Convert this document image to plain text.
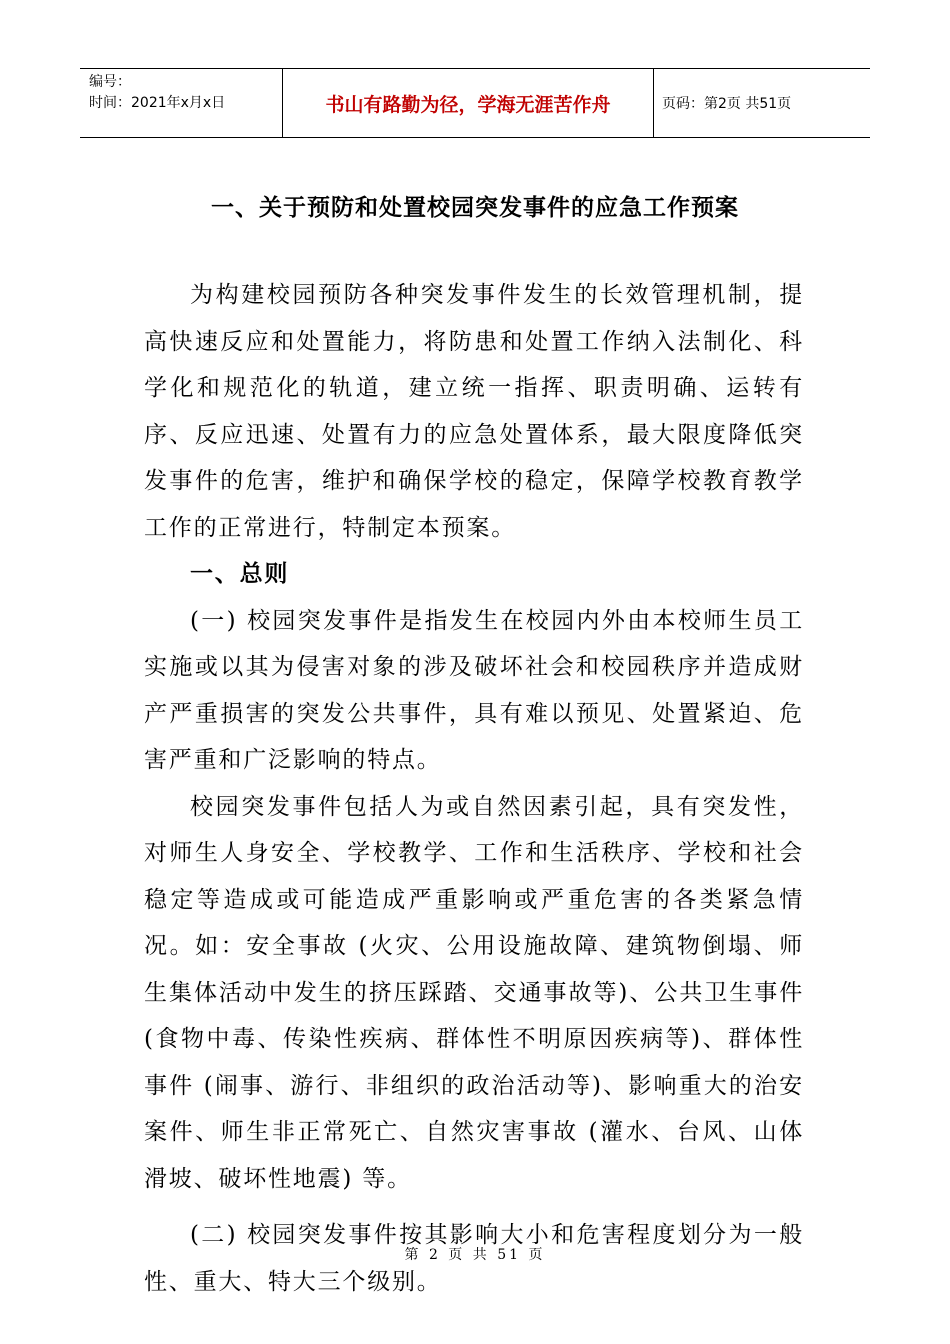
编号：
时间：2021年x月x日	书山有路勤为径，学海无涯苦作舟	页码：第2页 共51页
一、关于预防和处置校园突发事件的应急工作预案

为构建校园预防各种突发事件发生的长效管理机制，提高快速反应和处置能力，将防患和处置工作纳入法制化、科学化和规范化的轨道，建立统一指挥、职责明确、运转有序、反应迅速、处置有力的应急处置体系，最大限度降低突发事件的危害，维护和确保学校的稳定，保障学校教育教学工作的正常进行，特制定本预案。

一、总则

(一) 校园突发事件是指发生在校园内外由本校师生员工实施或以其为侵害对象的涉及破坏社会和校园秩序并造成财产严重损害的突发公共事件，具有难以预见、处置紧迫、危害严重和广泛影响的特点。

校园突发事件包括人为或自然因素引起，具有突发性，对师生人身安全、学校教学、工作和生活秩序、学校和社会稳定等造成或可能造成严重影响或严重危害的各类紧急情况。如：安全事故 (火灾、公用设施故障、建筑物倒塌、师生集体活动中发生的挤压踩踏、交通事故等)、公共卫生事件 (食物中毒、传染性疾病、群体性不明原因疾病等)、群体性事件 (闹事、游行、非组织的政治活动等)、影响重大的治安案件、师生非正常死亡、自然灾害事故 (灌水、台风、山体滑坡、破坏性地震) 等。

(二) 校园突发事件按其影响大小和危害程度划分为一般性、重大、特大三个级别。

第 2 页 共 51 页
